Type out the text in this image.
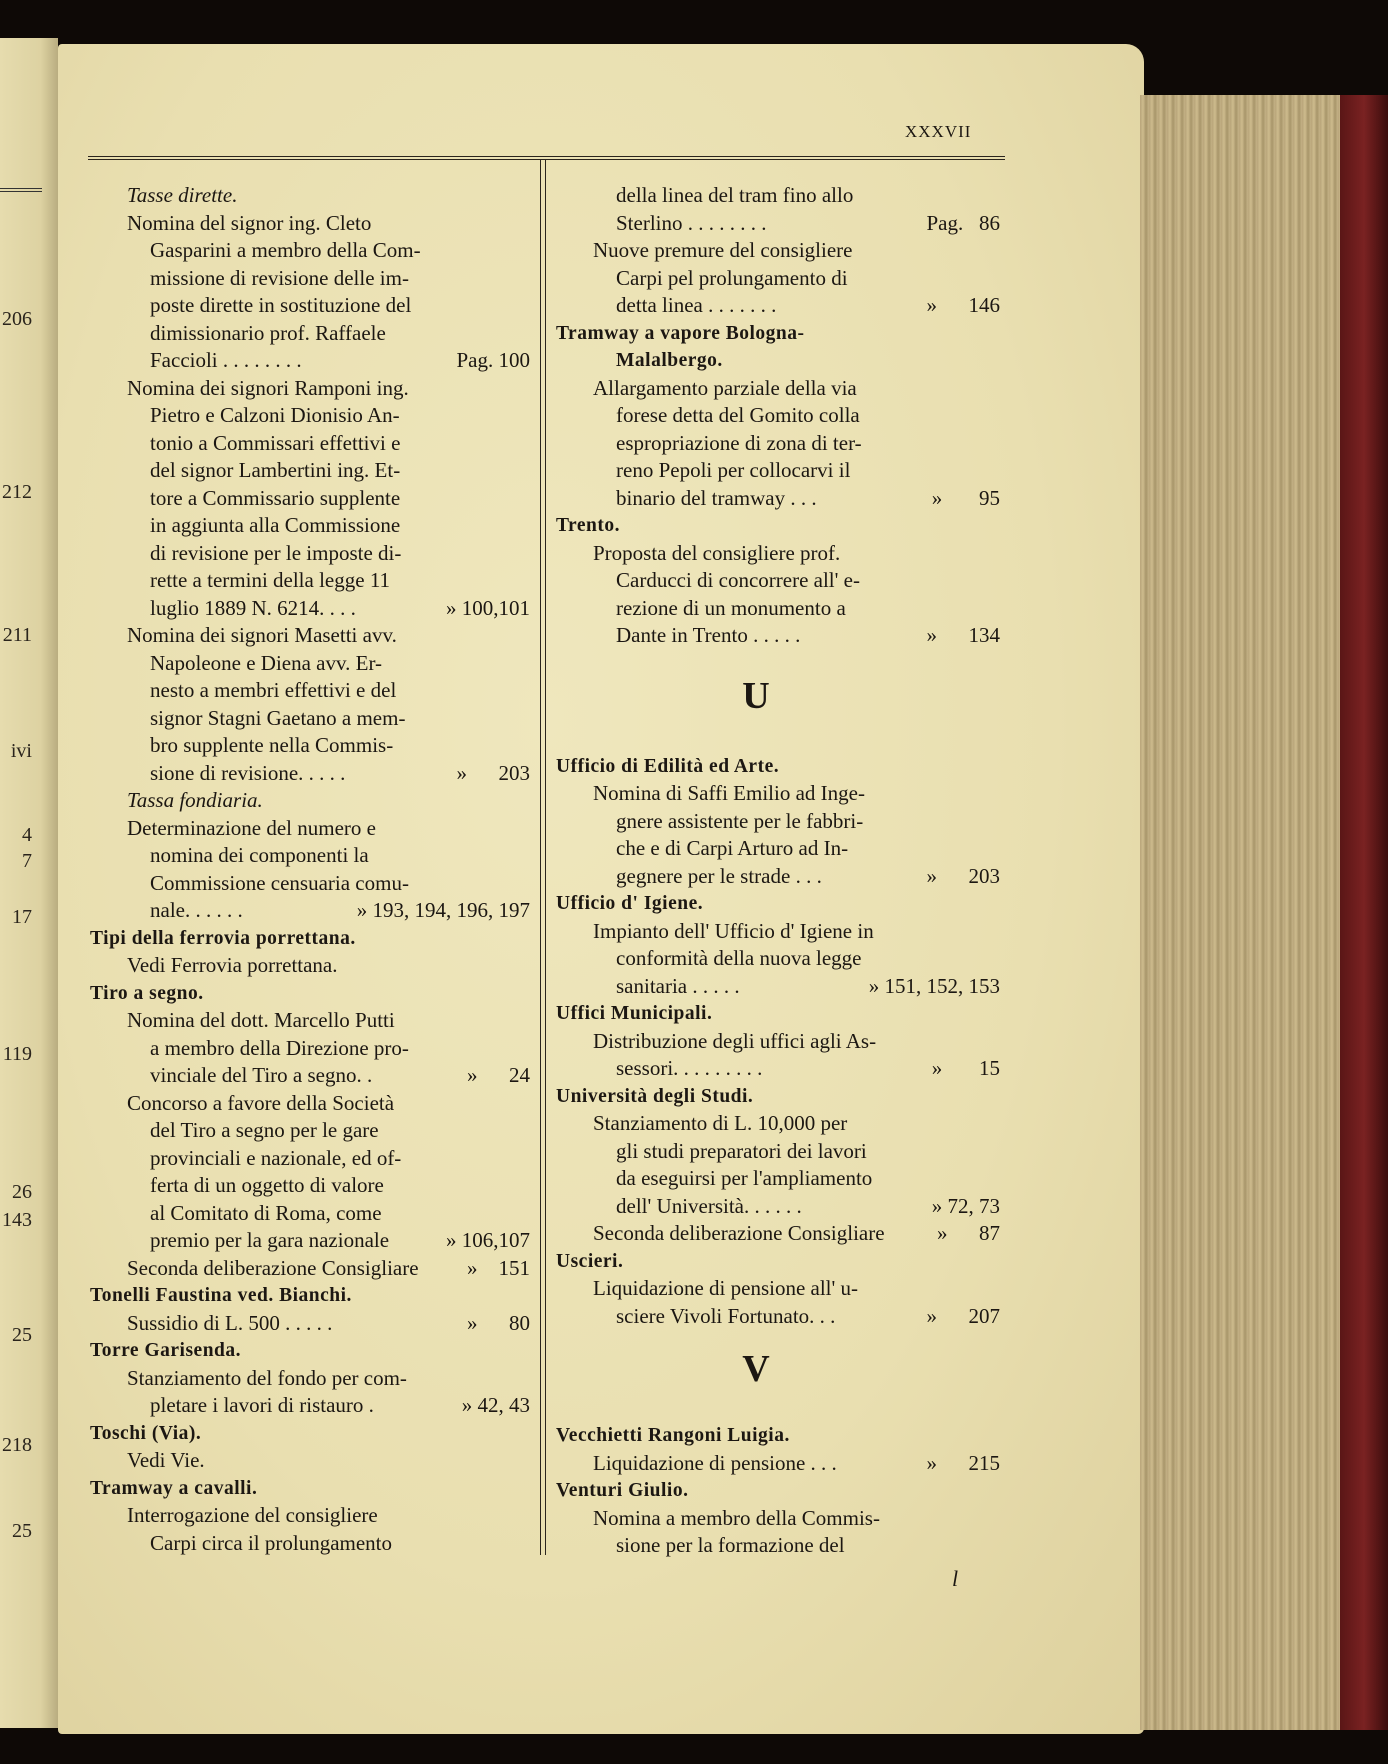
206
212
211
ivi
4
7
17
119
26
143
25
218
25
XXXVII
Tasse dirette.
Nomina del signor ing. Cleto
Gasparini a membro della Com-
missione di revisione delle im-
poste dirette in sostituzione del
dimissionario prof. Raffaele
Faccioli . . . . . . . .	Pag. 100
Nomina dei signori Ramponi ing.
Pietro e Calzoni Dionisio An-
tonio a Commissari effettivi e
del signor Lambertini ing. Et-
tore a Commissario supplente
in aggiunta alla Commissione
di revisione per le imposte di-
rette a termini della legge 11
luglio 1889 N. 6214. . . .	» 100,101
Nomina dei signori Masetti avv.
Napoleone e Diena avv. Er-
nesto a membri effettivi e del
signor Stagni Gaetano a mem-
bro supplente nella Commis-
sione di revisione. . . . .	»      203
Tassa fondiaria.
Determinazione del numero e
nomina dei componenti la
Commissione censuaria comu-
nale. . . . . .	» 193, 194, 196, 197
Tipi della ferrovia porrettana.
Vedi Ferrovia porrettana.
Tiro a segno.
Nomina del dott. Marcello Putti
a membro della Direzione pro-
vinciale del Tiro a segno. .	»      24
Concorso a favore della Società
del Tiro a segno per le gare
provinciali e nazionale, ed of-
ferta di un oggetto di valore
al Comitato di Roma, come
premio per la gara nazionale	» 106,107
Seconda deliberazione Consigliare »    151
Tonelli Faustina ved. Bianchi.
Sussidio di L. 500 . . . . .	»      80
Torre Garisenda.
Stanziamento del fondo per com-
pletare i lavori di ristauro .	» 42, 43
Toschi (Via).
Vedi Vie.
Tramway a cavalli.
Interrogazione del consigliere
Carpi circa il prolungamento
della linea del tram fino allo
Sterlino . . . . . . . .	Pag.   86
Nuove premure del consigliere
Carpi pel prolungamento di
detta linea . . . . . . .	»      146
Tramway a vapore Bologna-
Malalbergo.
Allargamento parziale della via
forese detta del Gomito colla
espropriazione di zona di ter-
reno Pepoli per collocarvi il
binario del tramway . . .	»       95
Trento.
Proposta del consigliere prof.
Carducci di concorrere all' e-
rezione di un monumento a
Dante in Trento . . . . .	»      134
U
Ufficio di Edilità ed Arte.
Nomina di Saffi Emilio ad Inge-
gnere assistente per le fabbri-
che e di Carpi Arturo ad In-
gegnere per le strade . . .	»      203
Ufficio d' Igiene.
Impianto dell' Ufficio d' Igiene in
conformità della nuova legge
sanitaria . . . . .	» 151, 152, 153
Uffici Municipali.
Distribuzione degli uffici agli As-
sessori. . . . . . . . .	»       15
Università degli Studi.
Stanziamento di L. 10,000 per
gli studi preparatori dei lavori
da eseguirsi per l'ampliamento
dell' Università. . . . . .	» 72, 73
Seconda deliberazione Consigliare »      87
Uscieri.
Liquidazione di pensione all' u-
sciere Vivoli Fortunato. . .	»      207
V
Vecchietti Rangoni Luigia.
Liquidazione di pensione . . .	»      215
Venturi Giulio.
Nomina a membro della Commis-
sione per la formazione del
l
